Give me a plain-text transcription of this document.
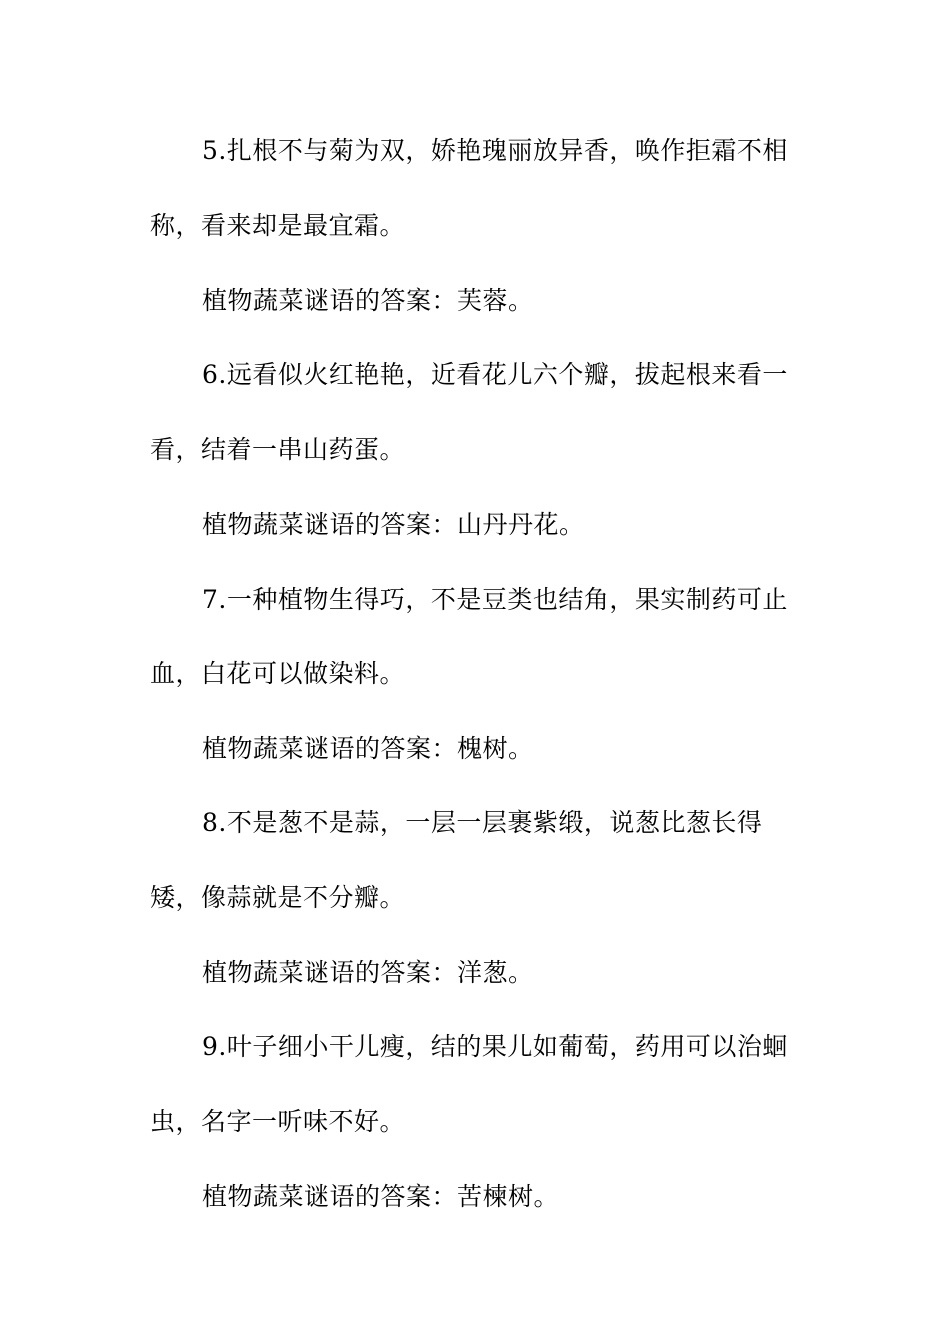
5.扎根不与菊为双，娇艳瑰丽放异香，唤作拒霜不相
称，看来却是最宜霜。
植物蔬菜谜语的答案：芙蓉。
6.远看似火红艳艳，近看花儿六个瓣，拔起根来看一
看，结着一串山药蛋。
植物蔬菜谜语的答案：山丹丹花。
7.一种植物生得巧，不是豆类也结角，果实制药可止
血，白花可以做染料。
植物蔬菜谜语的答案：槐树。
8.不是葱不是蒜，一层一层裹紫缎，说葱比葱长得
矮，像蒜就是不分瓣。
植物蔬菜谜语的答案：洋葱。
9.叶子细小干儿瘦，结的果儿如葡萄，药用可以治蛔
虫，名字一听味不好。
植物蔬菜谜语的答案：苦楝树。
